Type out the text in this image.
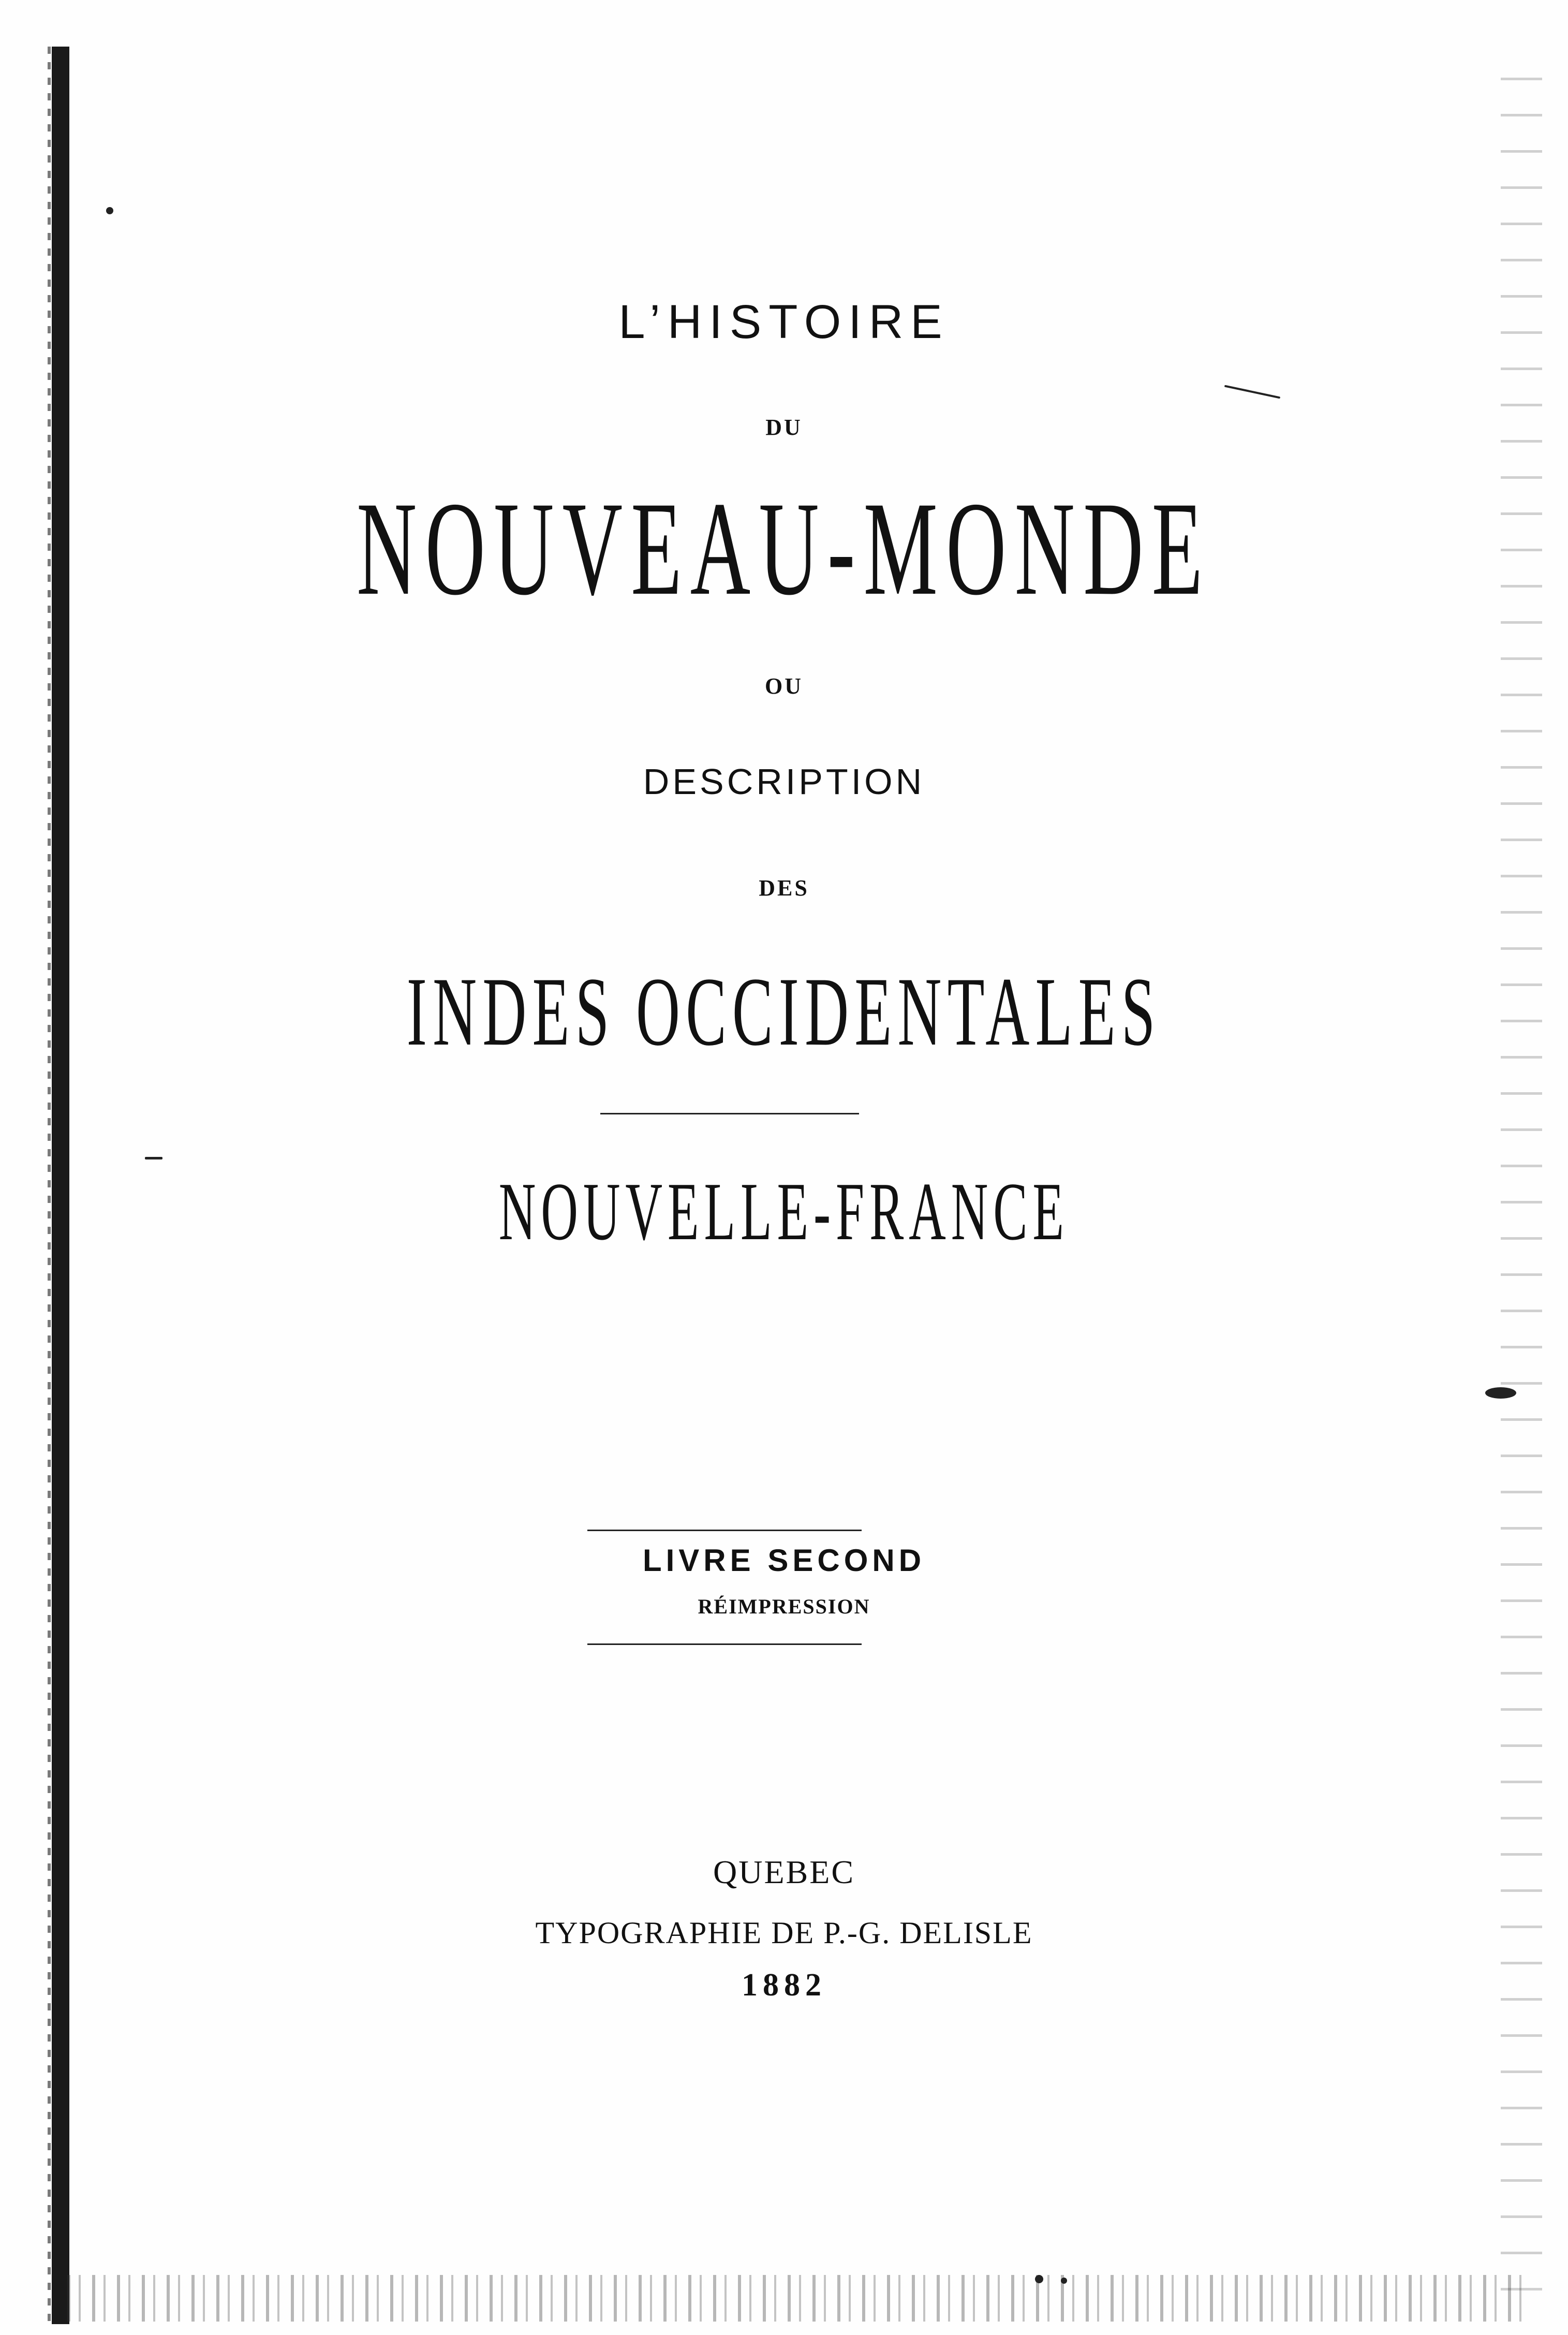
L’HISTOIRE
DU
NOUVEAU-MONDE
OU
DESCRIPTION
DES
INDES OCCIDENTALES
NOUVELLE-FRANCE
LIVRE SECOND
RÉIMPRESSION
QUEBEC
TYPOGRAPHIE DE P.-G. DELISLE
1882
